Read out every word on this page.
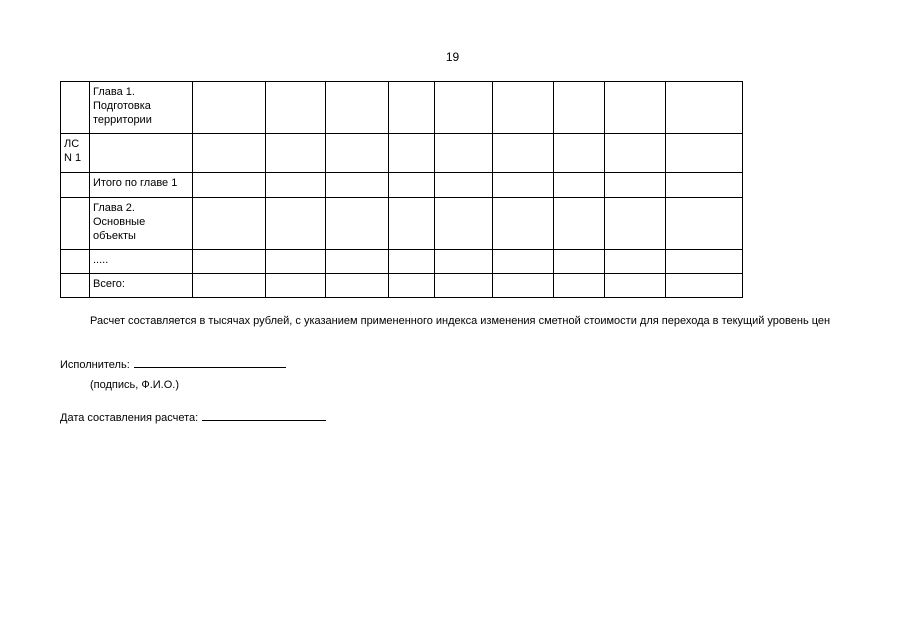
19
	Глава 1. Подготовка территории									
ЛС N 1										
	Итого по главе 1									
	Глава 2. Основные объекты									
	.....									
	Всего:									
Расчет составляется в тысячах рублей, с указанием примененного индекса изменения сметной стоимости для перехода в текущий уровень цен
Исполнитель:
(подпись, Ф.И.О.)
Дата составления расчета:
